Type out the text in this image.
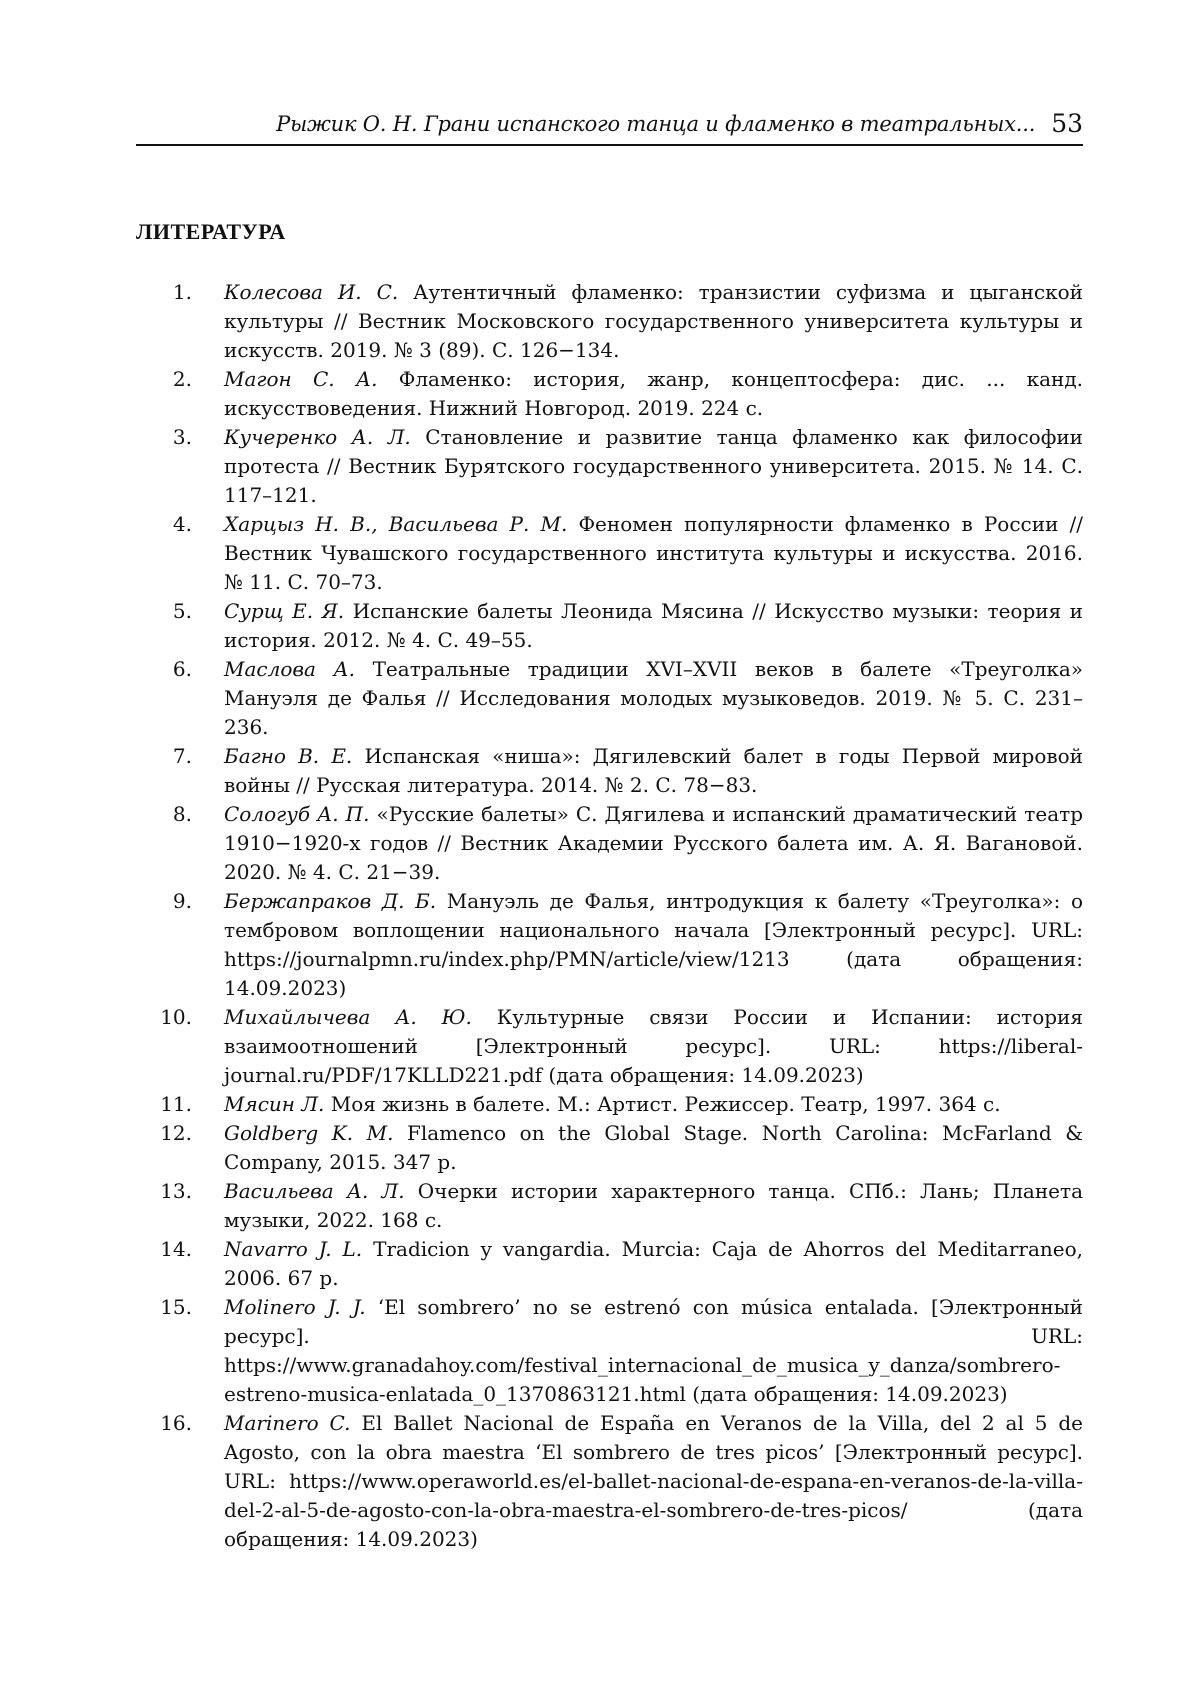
Рыжик О. Н. Грани испанского танца и фламенко в театральных... 53
ЛИТЕРАТУРА
1. Колесова И. С. Аутентичный фламенко: транзистии суфизма и цыганской культуры // Вестник Московского государственного университета культуры и искусств. 2019. № 3 (89). С. 126−134.
2. Магон С. А. Фламенко: история, жанр, концептосфера: дис. ... канд. искусствоведения. Нижний Новгород. 2019. 224 с.
3. Кучеренко А. Л. Становление и развитие танца фламенко как философии протеста // Вестник Бурятского государственного университета. 2015. № 14. С. 117–121.
4. Харцыз Н. В., Васильева Р. М. Феномен популярности фламенко в России // Вестник Чувашского государственного института культуры и искусства. 2016. № 11. С. 70–73.
5. Сурщ Е. Я. Испанские балеты Леонида Мясина // Искусство музыки: теория и история. 2012. № 4. С. 49–55.
6. Маслова А. Театральные традиции XVI–XVII веков в балете «Треуголка» Мануэля де Фалья // Исследования молодых музыковедов. 2019. № 5. С. 231–236.
7. Багно В. Е. Испанская «ниша»: Дягилевский балет в годы Первой мировой войны // Русская литература. 2014. № 2. С. 78−83.
8. Сологуб А. П. «Русские балеты» С. Дягилева и испанский драматический театр 1910−1920-х годов // Вестник Академии Русского балета им. А. Я. Вагановой. 2020. № 4. С. 21−39.
9. Бержапраков Д. Б. Мануэль де Фалья, интродукция к балету «Треуголка»: о тембровом воплощении национального начала [Электронный ресурс]. URL: https://journalpmn.ru/index.php/PMN/article/view/1213 (дата обращения: 14.09.2023)
10. Михайлычева А. Ю. Культурные связи России и Испании: история взаимоотношений [Электронный ресурс]. URL: https://liberal-journal.ru/PDF/17KLLD221.pdf (дата обращения: 14.09.2023)
11. Мясин Л. Моя жизнь в балете. М.: Артист. Режиссер. Театр, 1997. 364 с.
12. Goldberg K. M. Flamenco on the Global Stage. North Carolina: McFarland & Company, 2015. 347 p.
13. Васильева А. Л. Очерки истории характерного танца. СПб.: Лань; Планета музыки, 2022. 168 с.
14. Navarro J. L. Tradicion y vangardia. Murcia: Caja de Ahorros del Meditarraneo, 2006. 67 p.
15. Molinero J. J. ‘El sombrero’ no se estrenó con música entalada. [Электронный ресурс]. URL: https://www.granadahoy.com/festival_internacional_de_musica_y_danza/sombrero-estreno-musica-enlatada_0_1370863121.html (дата обращения: 14.09.2023)
16. Marinero C. El Ballet Nacional de España en Veranos de la Villa, del 2 al 5 de Agosto, con la obra maestra ‘El sombrero de tres picos’ [Электронный ресурс]. URL: https://www.operaworld.es/el-ballet-nacional-de-espana-en-veranos-de-la-villa-del-2-al-5-de-agosto-con-la-obra-maestra-el-sombrero-de-tres-picos/ (дата обращения: 14.09.2023)
